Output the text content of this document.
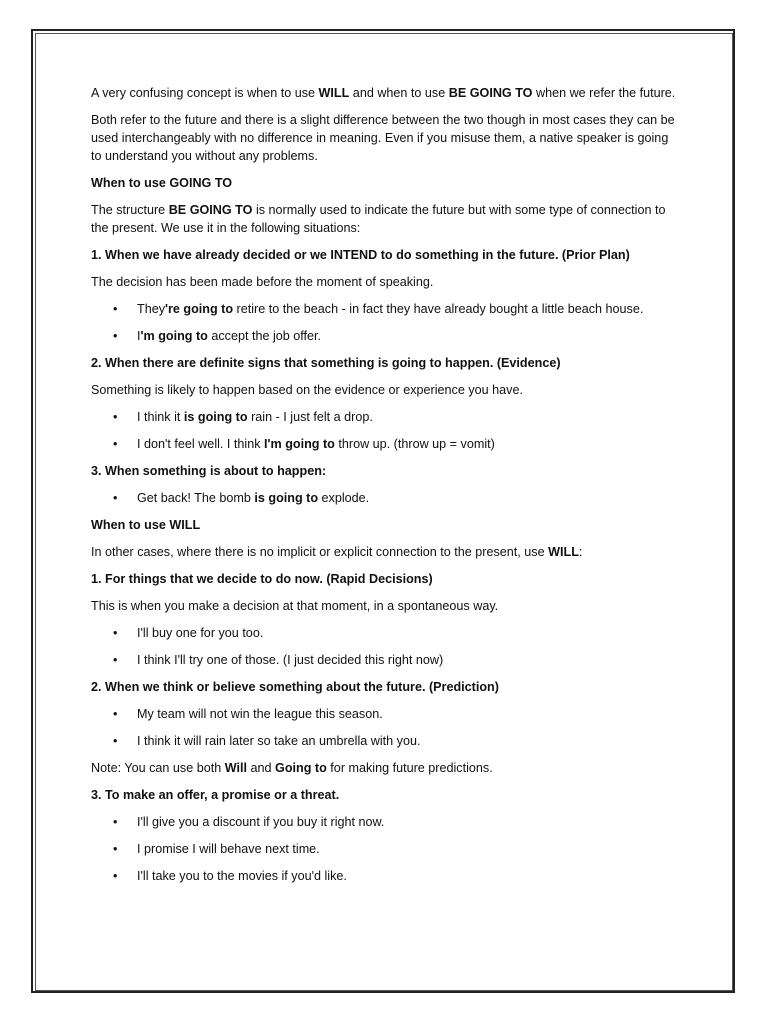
A very confusing concept is when to use WILL and when to use BE GOING TO when we refer the future.

Both refer to the future and there is a slight difference between the two though in most cases they can be used interchangeably with no difference in meaning. Even if you misuse them, a native speaker is going to understand you without any problems.

When to use GOING TO

The structure BE GOING TO is normally used to indicate the future but with some type of connection to the present. We use it in the following situations:

1. When we have already decided or we INTEND to do something in the future. (Prior Plan)

The decision has been made before the moment of speaking.

• They're going to retire to the beach - in fact they have already bought a little beach house.
• I'm going to accept the job offer.

2. When there are definite signs that something is going to happen. (Evidence)

Something is likely to happen based on the evidence or experience you have.

• I think it is going to rain - I just felt a drop.
• I don't feel well. I think I'm going to throw up. (throw up = vomit)

3. When something is about to happen:

• Get back! The bomb is going to explode.

When to use WILL

In other cases, where there is no implicit or explicit connection to the present, use WILL:

1. For things that we decide to do now. (Rapid Decisions)

This is when you make a decision at that moment, in a spontaneous way.

• I'll buy one for you too.
• I think I'll try one of those. (I just decided this right now)

2. When we think or believe something about the future. (Prediction)

• My team will not win the league this season.
• I think it will rain later so take an umbrella with you.

Note: You can use both Will and Going to for making future predictions.

3. To make an offer, a promise or a threat.

• I'll give you a discount if you buy it right now.
• I promise I will behave next time.
• I'll take you to the movies if you'd like.
